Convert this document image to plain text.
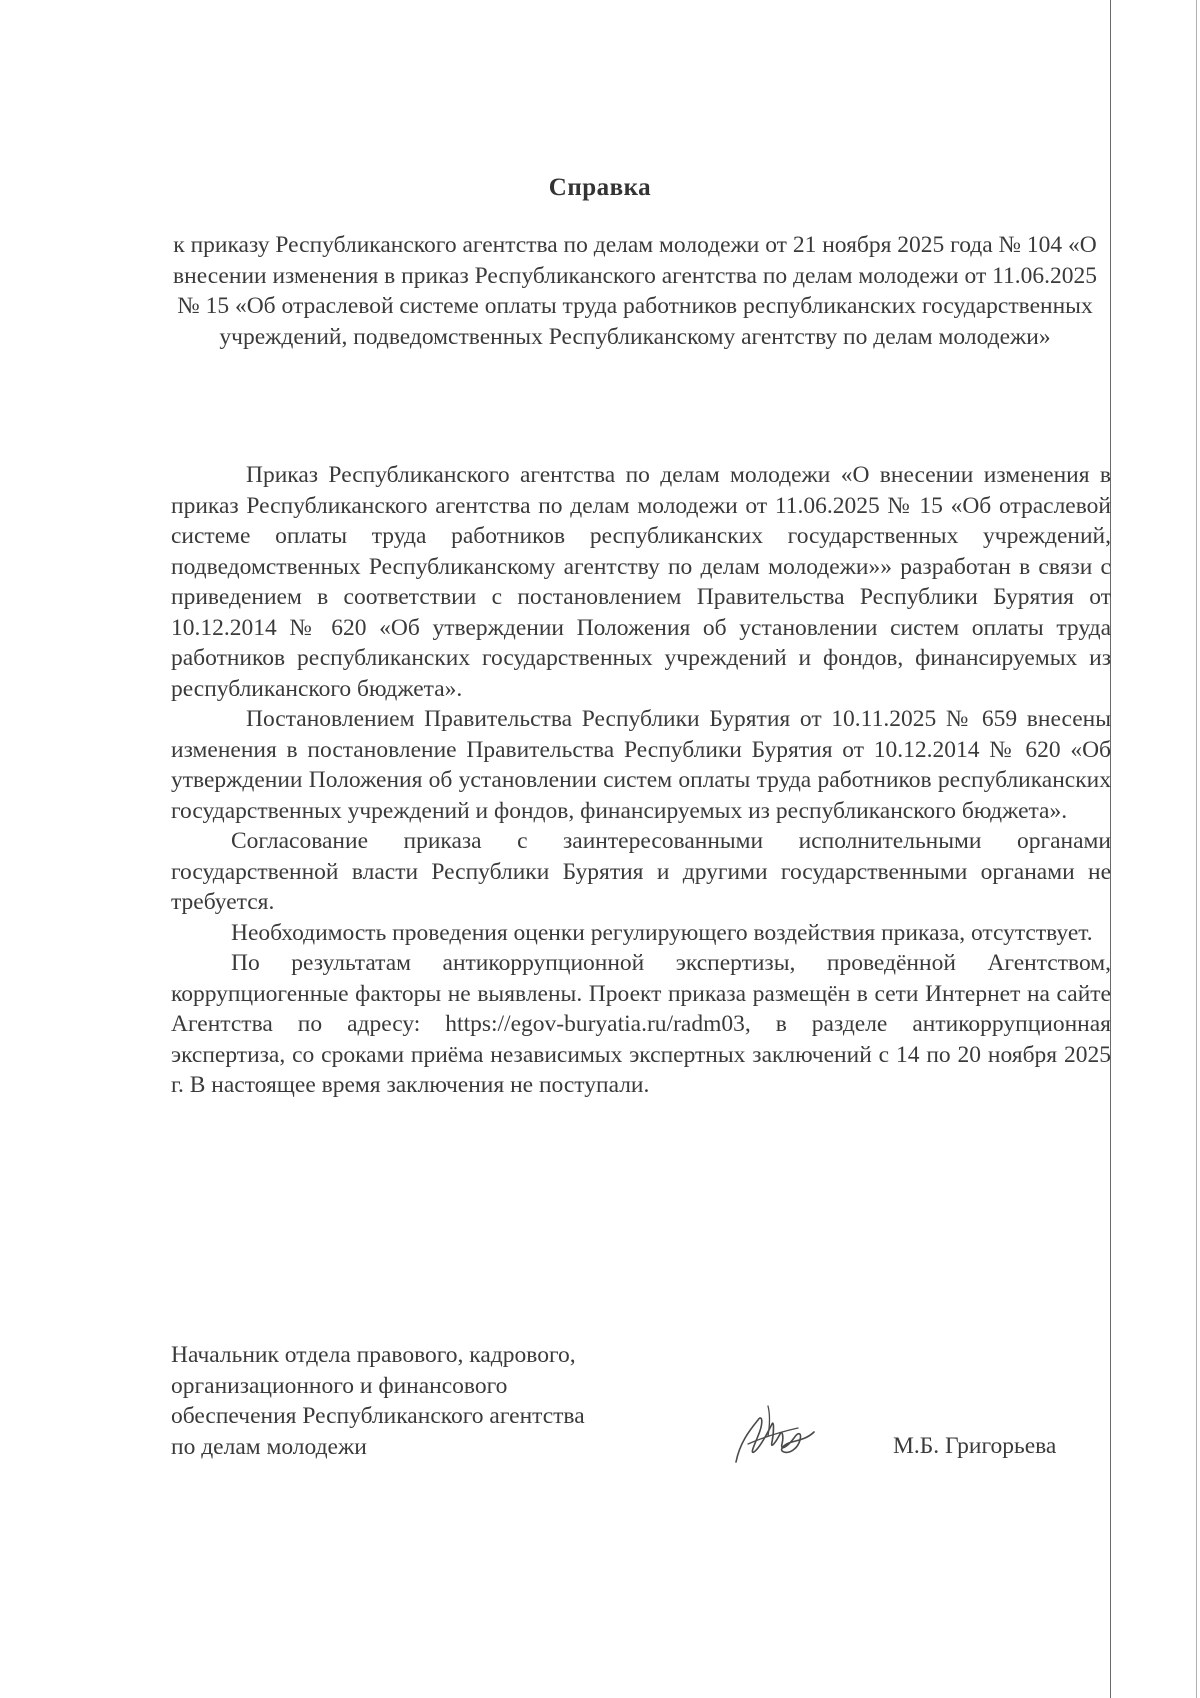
Справка
к приказу Республиканского агентства по делам молодежи от 21 ноября 2025 года № 104 «О внесении изменения в приказ Республиканского агентства по делам молодежи от 11.06.2025 № 15 «Об отраслевой системе оплаты труда работников республиканских государственных учреждений, подведомственных Республиканскому агентству по делам молодежи»

Приказ Республиканского агентства по делам молодежи «О внесении изменения в приказ Республиканского агентства по делам молодежи от 11.06.2025 № 15 «Об отраслевой системе оплаты труда работников республиканских государственных учреждений, подведомственных Республиканскому агентству по делам молодежи»» разработан в связи с приведением в соответствии с постановлением Правительства Республики Бурятия от 10.12.2014 № 620 «Об утверждении Положения об установлении систем оплаты труда работников республиканских государственных учреждений и фондов, финансируемых из республиканского бюджета».

Постановлением Правительства Республики Бурятия от 10.11.2025 № 659 внесены изменения в постановление Правительства Республики Бурятия от 10.12.2014 № 620 «Об утверждении Положения об установлении систем оплаты труда работников республиканских государственных учреждений и фондов, финансируемых из республиканского бюджета».

Согласование приказа с заинтересованными исполнительными органами государственной власти Республики Бурятия и другими государственными органами не требуется.

Необходимость проведения оценки регулирующего воздействия приказа, отсутствует.

По результатам антикоррупционной экспертизы, проведённой Агентством, коррупциогенные факторы не выявлены. Проект приказа размещён в сети Интернет на сайте Агентства по адресу: https://egov-buryatia.ru/radm03, в разделе антикоррупционная экспертиза, со сроками приёма независимых экспертных заключений с 14 по 20 ноября 2025 г. В настоящее время заключения не поступали.

Начальник отдела правового, кадрового,
организационного и финансового
обеспечения Республиканского агентства
по делам молодежи	М.Б. Григорьева
